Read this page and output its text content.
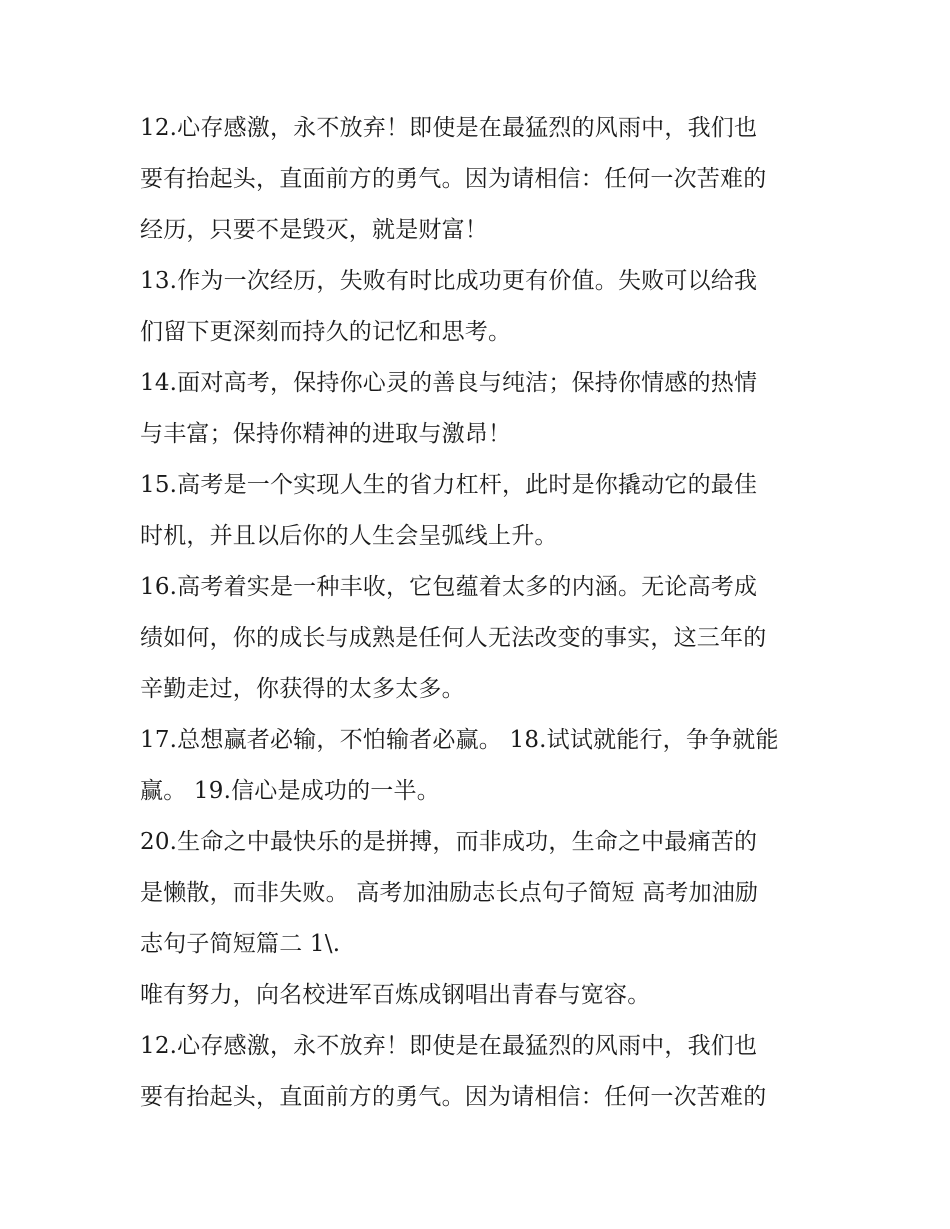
12.心存感激，永不放弃！即使是在最猛烈的风雨中，我们也
要有抬起头，直面前方的勇气。因为请相信：任何一次苦难的
经历，只要不是毁灭，就是财富！
13.作为一次经历，失败有时比成功更有价值。失败可以给我
们留下更深刻而持久的记忆和思考。
14.面对高考，保持你心灵的善良与纯洁；保持你情感的热情
与丰富；保持你精神的进取与激昂！
15.高考是一个实现人生的省力杠杆，此时是你撬动它的最佳
时机，并且以后你的人生会呈弧线上升。
16.高考着实是一种丰收，它包蕴着太多的内涵。无论高考成
绩如何，你的成长与成熟是任何人无法改变的事实，这三年的
辛勤走过，你获得的太多太多。
17.总想赢者必输，不怕输者必赢。 18.试试就能行，争争就能
赢。 19.信心是成功的一半。
20.生命之中最快乐的是拼搏，而非成功，生命之中最痛苦的
是懒散，而非失败。 高考加油励志长点句子简短 高考加油励
志句子简短篇二 1\.
唯有努力，向名校进军百炼成钢唱出青春与宽容。
12.心存感激，永不放弃！即使是在最猛烈的风雨中，我们也
要有抬起头，直面前方的勇气。因为请相信：任何一次苦难的
